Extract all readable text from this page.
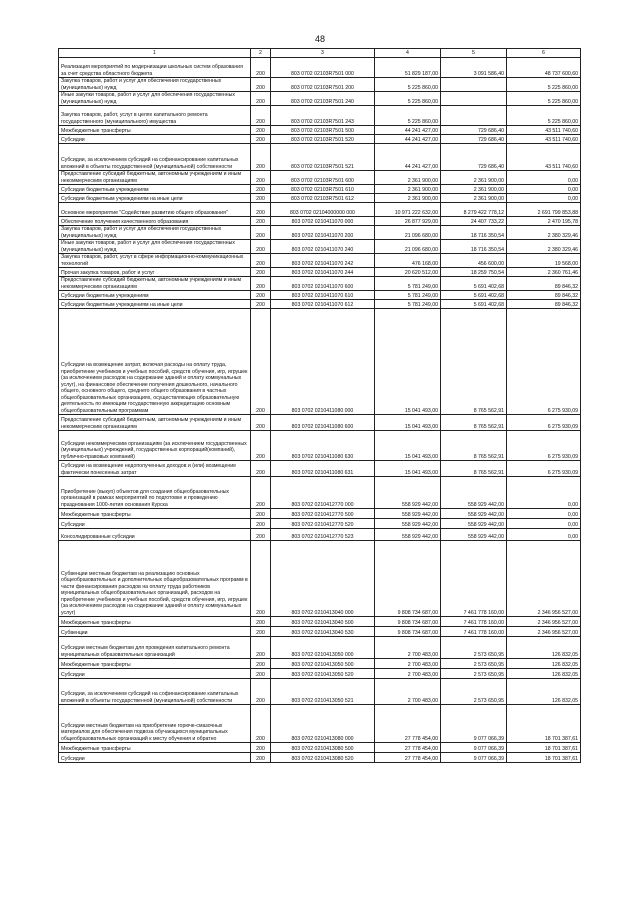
48
1	2	3	4	5	6
Реализация мероприятий по модернизации школьных систем образования за счет средства областного бюджета	200	803 0702 02103R7501 000	51 829 187,00	3 091 586,40	48 737 600,60
Закупка товаров, работ и услуг для обеспечения государственных (муниципальных) нужд	200	803 0702 02103R7501 200	5 225 860,00		5 225 860,00
Иные закупки товаров, работ и услуг для обеспечения государственных (муниципальных) нужд	200	803 0702 02103R7501 240	5 225 860,00		5 225 860,00
Закупка товаров, работ, услуг в целях капитального ремонта государственного (муниципального) имущества	200	803 0702 02103R7501 243	5 225 860,00		5 225 860,00
Межбюджетные трансферты	200	803 0702 02103R7501 500	44 241 427,00	729 686,40	43 511 740,60
Субсидии	200	803 0702 02103R7501 520	44 241 427,00	729 686,40	43 511 740,60
Субсидии, за исключением субсидий на софинансирование капитальных вложений в объекты государственной (муниципальной) собственности	200	803 0702 02103R7501 521	44 241 427,00	729 686,40	43 511 740,60
Предоставление субсидий бюджетным, автономным учреждениям и иным некоммерческим организациям	200	803 0702 02103R7501 600	2 361 900,00	2 361 900,00	0,00
Субсидии бюджетным учреждениям	200	803 0702 02103R7501 610	2 361 900,00	2 361 900,00	0,00
Субсидии бюджетным учреждениям на иные цели	200	803 0702 02103R7501 612	2 361 900,00	2 361 900,00	0,00
Основное мероприятие "Содействие развитию общего образования"	200	803 0702 02104000000 000	10 971 222 632,00	8 279 422 778,12	2 691 799 853,88
Обеспечение получения качественного образования	200	803 0702 0210411070 000	26 877 929,00	24 407 733,22	2 470 195,78
Закупка товаров, работ и услуг для обеспечения государственных (муниципальных) нужд	200	803 0702 0210411070 200	21 096 680,00	18 716 350,54	2 380 329,46
Иные закупки товаров, работ и услуг для обеспечения государственных (муниципальных) нужд	200	803 0702 0210411070 240	21 096 680,00	18 716 350,54	2 380 329,46
Закупка товаров, работ, услуг в сфере информационно-коммуникационных технологий	200	803 0702 0210411070 242	476 168,00	456 600,00	19 568,00
Прочая закупка товаров, работ и услуг	200	803 0702 0210411070 244	20 620 512,00	18 259 750,54	2 360 761,46
Предоставление субсидий бюджетным, автономным учреждениям и иным некоммерческим организациям	200	803 0702 0210411070 600	5 781 249,00	5 691 402,68	89 846,32
Субсидии бюджетным учреждениям	200	803 0702 0210411070 610	5 781 249,00	5 691 402,68	89 846,32
Субсидии бюджетным учреждениям на иные цели	200	803 0702 0210411070 612	5 781 249,00	5 691 402,68	89 846,32
Субсидии на возмещение затрат, включая расходы на оплату труда, приобретение учебников и учебных пособий, средств обучения, игр, игрушек (за исключением расходов на содержание зданий и оплату коммунальных услуг), на финансовое обеспечение получения дошкольного, начального общего, основного общего, среднего общего образования в частных общеобразовательных организациях, осуществляющих образовательную деятельность по имеющим государственную аккредитацию основным общеобразовательным программам	200	803 0702 0210411080 000	15 041 493,00	8 765 562,91	6 275 930,09
Предоставление субсидий бюджетным, автономным учреждениям и иным некоммерческим организациям	200	803 0702 0210411080 600	15 041 493,00	8 765 562,91	6 275 930,09
Субсидии некоммерческим организациям (за исключением государственных (муниципальных) учреждений, государственных корпораций(компаний), публично-правовых компаний)	200	803 0702 0210411080 630	15 041 493,00	8 765 562,91	6 275 930,09
Субсидии на возмещение недополученных доходов и (или) возмещение фактически понесенных затрат	200	803 0702 0210411080 631	15 041 493,00	8 765 562,91	6 275 930,09
Приобретение (выкуп) объектов для создания общеобразовательных организаций в рамках мероприятий по подготовке и проведению празднования 1000-летия основания Курска	200	803 0702 0210412770 000	558 929 442,00	558 929 442,00	0,00
Межбюджетные трансферты	200	803 0702 0210412770 500	558 929 442,00	558 929 442,00	0,00
Субсидии	200	803 0702 0210412770 520	558 929 442,00	558 929 442,00	0,00
Консолидированные субсидии	200	803 0702 0210412770 523	558 929 442,00	558 929 442,00	0,00
Субвенции местным бюджетам на реализацию основных общеобразовательных и дополнительных общеобразовательных программ в части финансирования расходов на оплату труда работников муниципальных общеобразовательных организаций, расходов на приобретение учебников и учебных пособий, средств обучения, игр, игрушек (за исключением расходов на содержание зданий и оплату коммунальных услуг)	200	803 0702 0210413040 000	9 808 734 687,00	7 461 778 160,00	2 346 956 527,00
Межбюджетные трансферты	200	803 0702 0210413040 500	9 808 734 687,00	7 461 778 160,00	2 346 956 527,00
Субвенции	200	803 0702 0210413040 530	9 808 734 687,00	7 461 778 160,00	2 346 956 527,00
Субсидии местным бюджетам для проведения капитального ремонта муниципальных образовательных организаций	200	803 0702 0210413050 000	2 700 483,00	2 573 650,95	126 832,05
Межбюджетные трансферты	200	803 0702 0210413050 500	2 700 483,00	2 573 650,95	126 832,05
Субсидии	200	803 0702 0210413050 520	2 700 483,00	2 573 650,95	126 832,05
Субсидии, за исключением субсидий на софинансирование капитальных вложений в объекты государственной (муниципальной) собственности	200	803 0702 0210413050 521	2 700 483,00	2 573 650,95	126 832,05
Субсидии местным бюджетам на приобретение горюче-смазочных материалов для обеспечения подвоза обучающихся муниципальных общеобразовательных организаций к месту обучения и обратно	200	803 0702 0210413080 000	27 778 454,00	9 077 066,39	18 701 387,61
Межбюджетные трансферты	200	803 0702 0210413080 500	27 778 454,00	9 077 066,39	18 701 387,61
Субсидии	200	803 0702 0210413080 520	27 778 454,00	9 077 066,39	18 701 387,61
